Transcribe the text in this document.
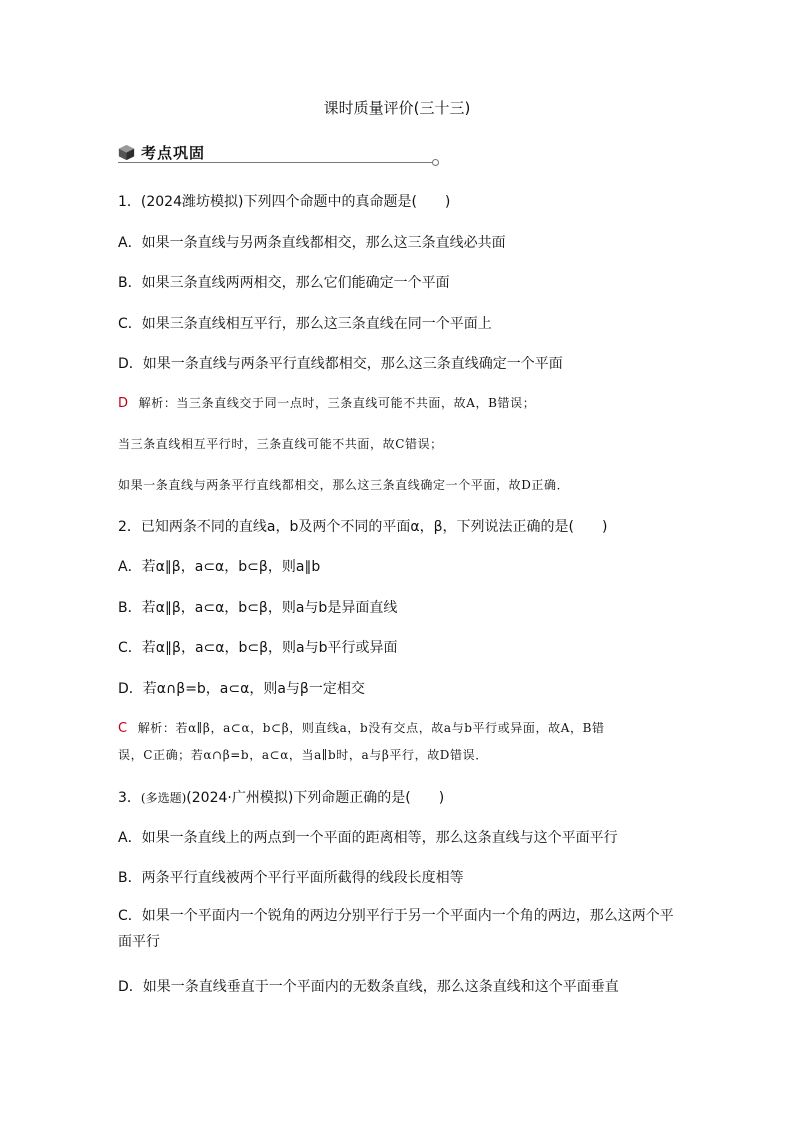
课时质量评价(三十三)
考点巩固
1．(2024潍坊模拟)下列四个命题中的真命题是(　　)
A．如果一条直线与另两条直线都相交，那么这三条直线必共面
B．如果三条直线两两相交，那么它们能确定一个平面
C．如果三条直线相互平行，那么这三条直线在同一个平面上
D．如果一条直线与两条平行直线都相交，那么这三条直线确定一个平面
D 解析：当三条直线交于同一点时，三条直线可能不共面，故A，B错误；
当三条直线相互平行时，三条直线可能不共面，故C错误；
如果一条直线与两条平行直线都相交，那么这三条直线确定一个平面，故D正确．
2．已知两条不同的直线a，b及两个不同的平面α，β，下列说法正确的是(　　)
A．若α∥β，a⊂α，b⊂β，则a∥b
B．若α∥β，a⊂α，b⊂β，则a与b是异面直线
C．若α∥β，a⊂α，b⊂β，则a与b平行或异面
D．若α∩β=b，a⊂α，则a与β一定相交
C 解析：若α∥β，a⊂α，b⊂β，则直线a，b没有交点，故a与b平行或异面，故A，B错
误，C正确；若α∩β=b，a⊂α，当a∥b时，a与β平行，故D错误．
3．(多选题)(2024·广州模拟)下列命题正确的是(　　)
A．如果一条直线上的两点到一个平面的距离相等，那么这条直线与这个平面平行
B．两条平行直线被两个平行平面所截得的线段长度相等
C．如果一个平面内一个锐角的两边分别平行于另一个平面内一个角的两边，那么这两个平面平行
D．如果一条直线垂直于一个平面内的无数条直线，那么这条直线和这个平面垂直
